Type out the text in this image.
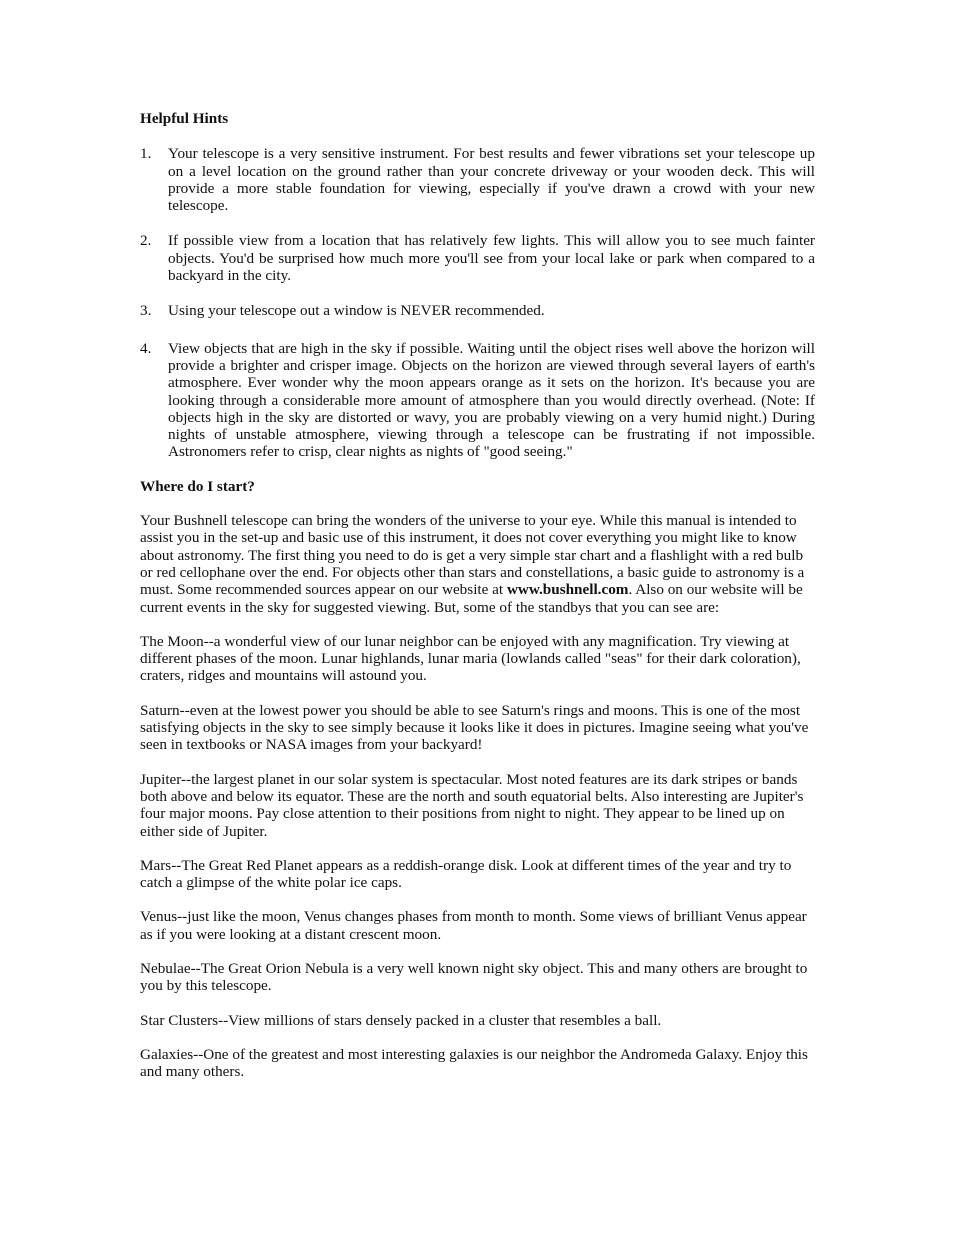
Helpful Hints
1.	Your telescope is a very sensitive instrument. For best results and fewer vibrations set your telescope up on a level location on the ground rather than your concrete driveway or your wooden deck. This will provide a more stable foundation for viewing, especially if you've drawn a crowd with your new telescope.
2.	If possible view from a location that has relatively few lights. This will allow you to see much fainter objects. You'd be surprised how much more you'll see from your local lake or park when compared to a backyard in the city.
3.	Using your telescope out a window is NEVER recommended.
4.	View objects that are high in the sky if possible. Waiting until the object rises well above the horizon will provide a brighter and crisper image. Objects on the horizon are viewed through several layers of earth's atmosphere. Ever wonder why the moon appears orange as it sets on the horizon. It's because you are looking through a considerable more amount of atmosphere than you would directly overhead. (Note: If objects high in the sky are distorted or wavy, you are probably viewing on a very humid night.) During nights of unstable atmosphere, viewing through a telescope can be frustrating if not impossible. Astronomers refer to crisp, clear nights as nights of "good seeing."
Where do I start?

Your Bushnell telescope can bring the wonders of the universe to your eye. While this manual is intended to assist you in the set-up and basic use of this instrument, it does not cover everything you might like to know about astronomy. The first thing you need to do is get a very simple star chart and a flashlight with a red bulb or red cellophane over the end. For objects other than stars and constellations, a basic guide to astronomy is a must. Some recommended sources appear on our website at www.bushnell.com. Also on our website will be current events in the sky for suggested viewing. But, some of the standbys that you can see are:

The Moon--a wonderful view of our lunar neighbor can be enjoyed with any magnification. Try viewing at different phases of the moon. Lunar highlands, lunar maria (lowlands called "seas" for their dark coloration), craters, ridges and mountains will astound you.

Saturn--even at the lowest power you should be able to see Saturn's rings and moons. This is one of the most satisfying objects in the sky to see simply because it looks like it does in pictures. Imagine seeing what you've seen in textbooks or NASA images from your backyard!

Jupiter--the largest planet in our solar system is spectacular. Most noted features are its dark stripes or bands both above and below its equator. These are the north and south equatorial belts. Also interesting are Jupiter's four major moons. Pay close attention to their positions from night to night. They appear to be lined up on either side of Jupiter.

Mars--The Great Red Planet appears as a reddish-orange disk. Look at different times of the year and try to catch a glimpse of the white polar ice caps.

Venus--just like the moon, Venus changes phases from month to month. Some views of brilliant Venus appear as if you were looking at a distant crescent moon.

Nebulae--The Great Orion Nebula is a very well known night sky object. This and many others are brought to you by this telescope.

Star Clusters--View millions of stars densely packed in a cluster that resembles a ball.

Galaxies--One of the greatest and most interesting galaxies is our neighbor the Andromeda Galaxy. Enjoy this and many others.
